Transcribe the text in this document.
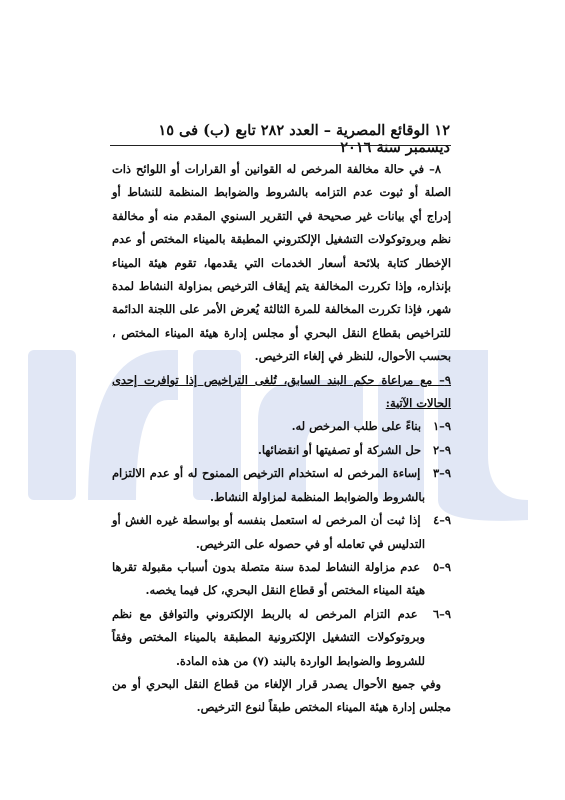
١٢ الوقائع المصرية – العدد ٢٨٢ تابع (ب) فى ١٥ ديسمبر سنة ٢٠١٦

٨– في حالة مخالفة المرخص له القوانين أو القرارات أو اللوائح ذات الصلة أو ثبوت عدم التزامه بالشروط والضوابط المنظمة للنشاط أو إدراج أي بيانات غير صحيحة في التقرير السنوي المقدم منه أو مخالفة نظم وبروتوكولات التشغيل الإلكتروني المطبقة بالميناء المختص أو عدم الإخطار كتابة بلائحة أسعار الخدمات التي يقدمها، تقوم هيئة الميناء بإنذاره، وإذا تكررت المخالفة يتم إيقاف الترخيص بمزاولة النشاط لمدة شهر، فإذا تكررت المخالفة للمرة الثالثة يُعرض الأمر على اللجنة الدائمة للتراخيص بقطاع النقل البحري أو مجلس إدارة هيئة الميناء المختص ، بحسب الأحوال، للنظر في إلغاء الترخيص.

٩– مع مراعاة حكم البند السابق، تُلغى التراخيص إذا توافرت إحدى الحالات الآتية:

٩–١ بناءً على طلب المرخص له.

٩–٢ حل الشركة أو تصفيتها أو انقضائها.

٩–٣ إساءة المرخص له استخدام الترخيص الممنوح له أو عدم الالتزام بالشروط والضوابط المنظمة لمزاولة النشاط.

٩–٤ إذا ثبت أن المرخص له استعمل بنفسه أو بواسطة غيره الغش أو التدليس في تعامله أو في حصوله على الترخيص.

٩–٥ عدم مزاولة النشاط لمدة سنة متصلة بدون أسباب مقبولة تقرها هيئة الميناء المختص أو قطاع النقل البحري، كل فيما يخصه.

٩–٦ عدم التزام المرخص له بالربط الإلكتروني والتوافق مع نظم وبروتوكولات التشغيل الإلكترونية المطبقة بالميناء المختص وفقاً للشروط والضوابط الواردة بالبند (٧) من هذه المادة.

وفي جميع الأحوال يصدر قرار الإلغاء من قطاع النقل البحري أو من مجلس إدارة هيئة الميناء المختص طبقاً لنوع الترخيص.
